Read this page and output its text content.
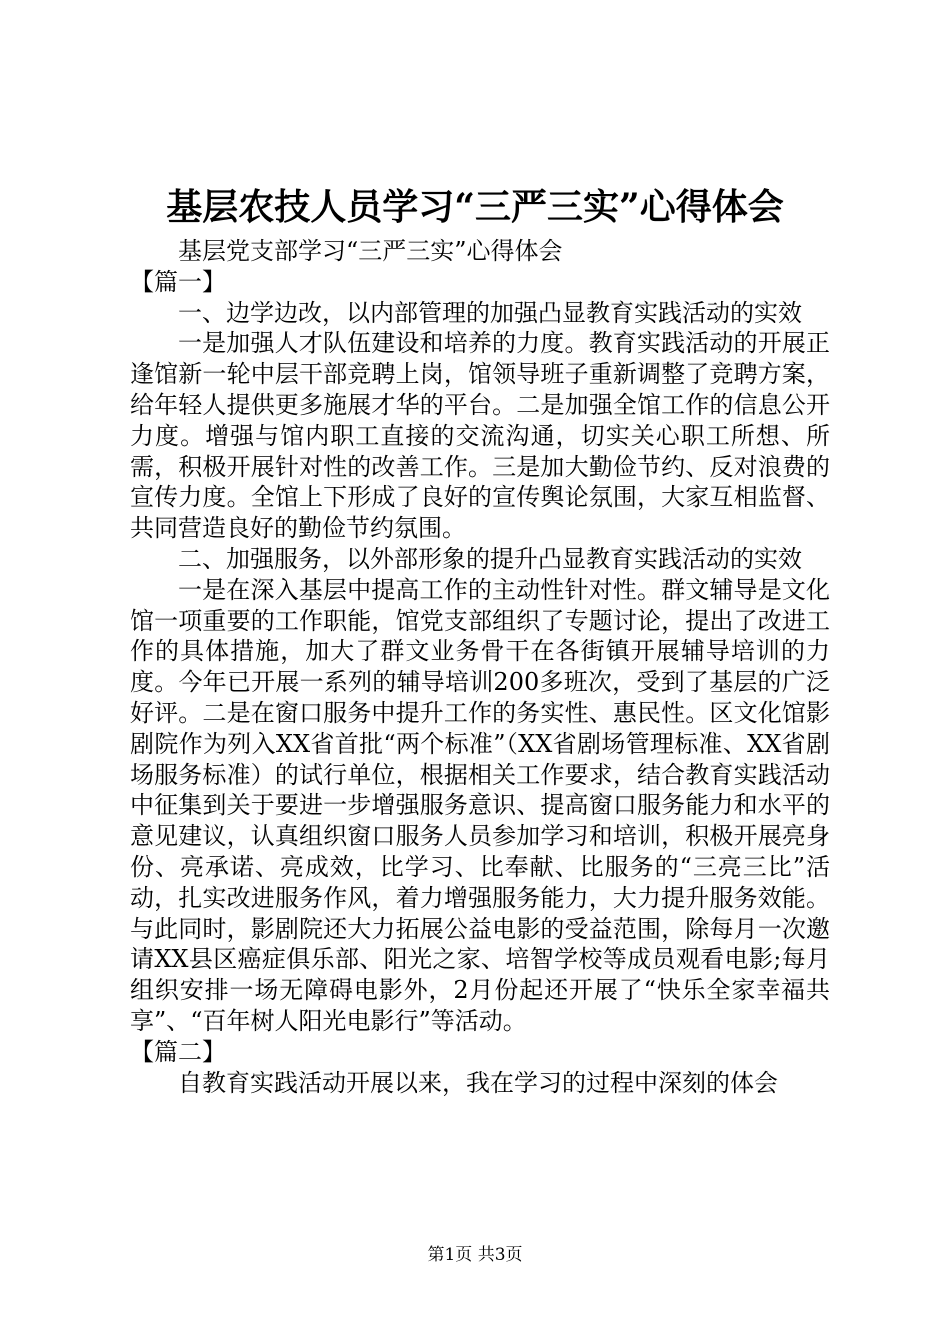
基层农技人员学习“三严三实”心得体会

基层党支部学习“三严三实”心得体会

【篇一】

一、边学边改，以内部管理的加强凸显教育实践活动的实效

一是加强人才队伍建设和培养的力度。教育实践活动的开展正逢馆新一轮中层干部竞聘上岗，馆领导班子重新调整了竞聘方案，给年轻人提供更多施展才华的平台。二是加强全馆工作的信息公开力度。增强与馆内职工直接的交流沟通，切实关心职工所想、所需，积极开展针对性的改善工作。三是加大勤俭节约、反对浪费的宣传力度。全馆上下形成了良好的宣传舆论氛围，大家互相监督、共同营造良好的勤俭节约氛围。

二、加强服务，以外部形象的提升凸显教育实践活动的实效

一是在深入基层中提高工作的主动性针对性。群文辅导是文化馆一项重要的工作职能，馆党支部组织了专题讨论，提出了改进工作的具体措施，加大了群文业务骨干在各街镇开展辅导培训的力度。今年已开展一系列的辅导培训200多班次，受到了基层的广泛好评。二是在窗口服务中提升工作的务实性、惠民性。区文化馆影剧院作为列入XX省首批“两个标准”（XX省剧场管理标准、XX省剧场服务标准）的试行单位，根据相关工作要求，结合教育实践活动中征集到关于要进一步增强服务意识、提高窗口服务能力和水平的意见建议，认真组织窗口服务人员参加学习和培训，积极开展亮身份、亮承诺、亮成效，比学习、比奉献、比服务的“三亮三比”活动，扎实改进服务作风，着力增强服务能力，大力提升服务效能。与此同时，影剧院还大力拓展公益电影的受益范围，除每月一次邀请XX县区癌症俱乐部、阳光之家、培智学校等成员观看电影;每月组织安排一场无障碍电影外，2月份起还开展了“快乐全家幸福共享”、“百年树人阳光电影行”等活动。

【篇二】

自教育实践活动开展以来，我在学习的过程中深刻的体会

第1页 共3页
